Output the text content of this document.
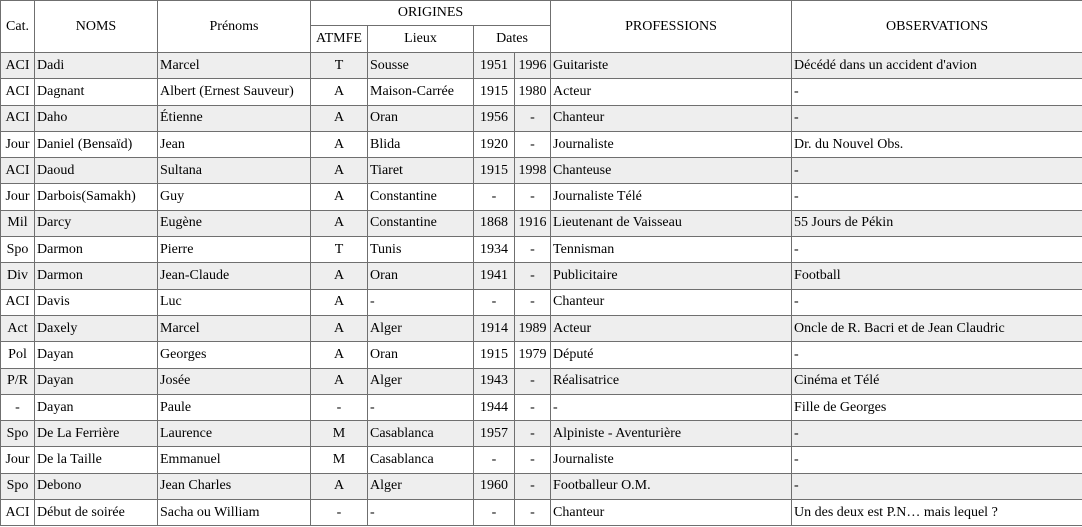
Cat.	NOMS	Prénoms	ORIGINES				PROFESSIONS	OBSERVATIONS
			ATMFE	Lieux	Dates			
ACI	Dadi	Marcel	T	Sousse	1951	1996	Guitariste	Décédé dans un accident d'avion
ACI	Dagnant	Albert (Ernest Sauveur)	A	Maison-Carrée	1915	1980	Acteur	-
ACI	Daho	Étienne	A	Oran	1956	-	Chanteur	-
Jour	Daniel (Bensaïd)	Jean	A	Blida	1920	-	Journaliste	Dr. du Nouvel Obs.
ACI	Daoud	Sultana	A	Tiaret	1915	1998	Chanteuse	-
Jour	Darbois(Samakh)	Guy	A	Constantine	-	-	Journaliste Télé	-
Mil	Darcy	Eugène	A	Constantine	1868	1916	Lieutenant de Vaisseau	55 Jours de Pékin
Spo	Darmon	Pierre	T	Tunis	1934	-	Tennisman	-
Div	Darmon	Jean-Claude	A	Oran	1941	-	Publicitaire	Football
ACI	Davis	Luc	A	-	-	-	Chanteur	-
Act	Daxely	Marcel	A	Alger	1914	1989	Acteur	Oncle de R. Bacri et de Jean Claudric
Pol	Dayan	Georges	A	Oran	1915	1979	Député	-
P/R	Dayan	Josée	A	Alger	1943	-	Réalisatrice	Cinéma et Télé
-	Dayan	Paule	-	-	1944	-	-	Fille de Georges
Spo	De La Ferrière	Laurence	M	Casablanca	1957	-	Alpiniste - Aventurière	-
Jour	De la Taille	Emmanuel	M	Casablanca	-	-	Journaliste	-
Spo	Debono	Jean Charles	A	Alger	1960	-	Footballeur O.M.	-
ACI	Début de soirée	Sacha ou William	-	-	-	-	Chanteur	Un des deux est P.N… mais lequel ?
